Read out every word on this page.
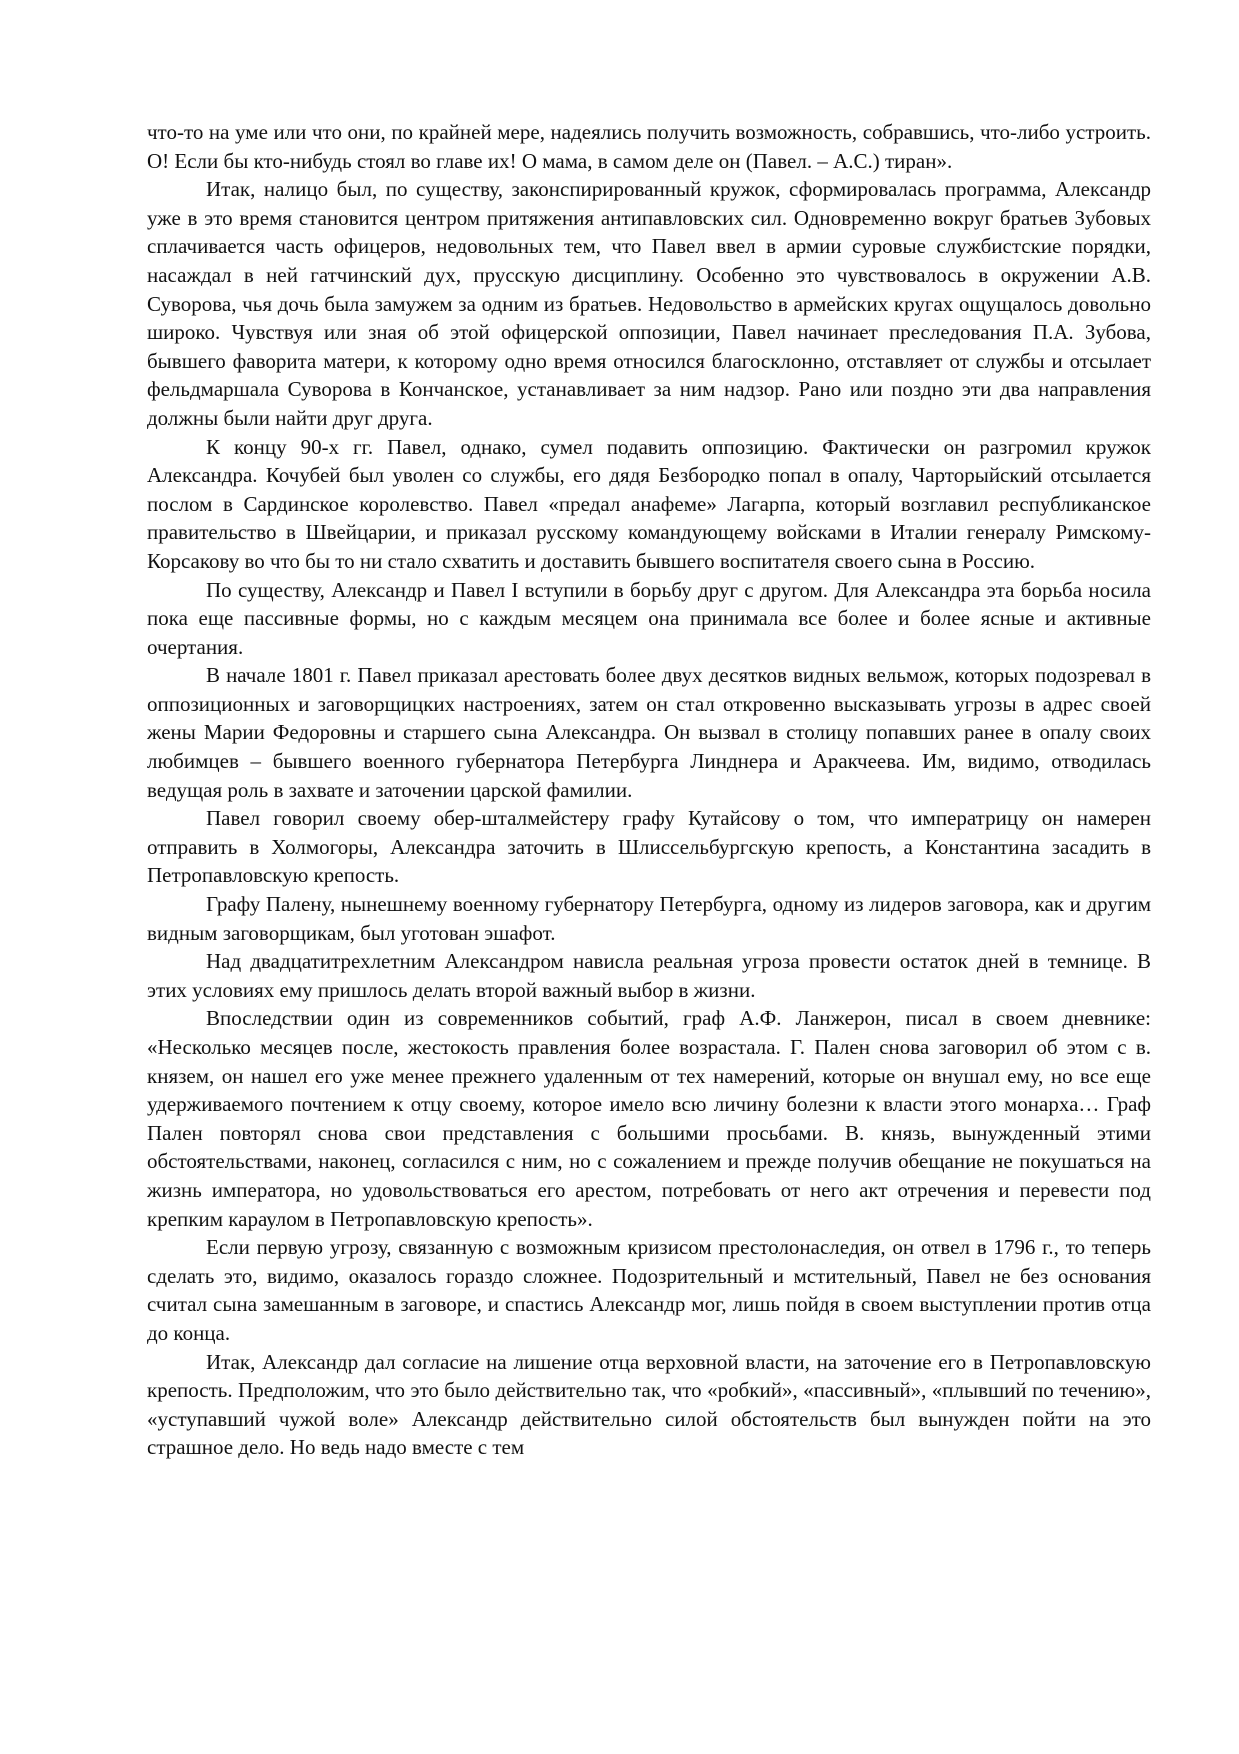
что-то на уме или что они, по крайней мере, надеялись получить возможность, собравшись, что-либо устроить. О! Если бы кто-нибудь стоял во главе их! О мама, в самом деле он (Павел. – А.С.) тиран».

Итак, налицо был, по существу, законспирированный кружок, сформировалась программа, Александр уже в это время становится центром притяжения антипавловских сил. Одновременно вокруг братьев Зубовых сплачивается часть офицеров, недовольных тем, что Павел ввел в армии суровые службистские порядки, насаждал в ней гатчинский дух, прусскую дисциплину. Особенно это чувствовалось в окружении А.В. Суворова, чья дочь была замужем за одним из братьев. Недовольство в армейских кругах ощущалось довольно широко. Чувствуя или зная об этой офицерской оппозиции, Павел начинает преследования П.А. Зубова, бывшего фаворита матери, к которому одно время относился благосклонно, отставляет от службы и отсылает фельдмаршала Суворова в Кончанское, устанавливает за ним надзор. Рано или поздно эти два направления должны были найти друг друга.

К концу 90-х гг. Павел, однако, сумел подавить оппозицию. Фактически он разгромил кружок Александра. Кочубей был уволен со службы, его дядя Безбородко попал в опалу, Чарторыйский отсылается послом в Сардинское королевство. Павел «предал анафеме» Лагарпа, который возглавил республиканское правительство в Швейцарии, и приказал русскому командующему войсками в Италии генералу Римскому-Корсакову во что бы то ни стало схватить и доставить бывшего воспитателя своего сына в Россию.

По существу, Александр и Павел I вступили в борьбу друг с другом. Для Александра эта борьба носила пока еще пассивные формы, но с каждым месяцем она принимала все более и более ясные и активные очертания.

В начале 1801 г. Павел приказал арестовать более двух десятков видных вельмож, которых подозревал в оппозиционных и заговорщицких настроениях, затем он стал откровенно высказывать угрозы в адрес своей жены Марии Федоровны и старшего сына Александра. Он вызвал в столицу попавших ранее в опалу своих любимцев – бывшего военного губернатора Петербурга Линднера и Аракчеева. Им, видимо, отводилась ведущая роль в захвате и заточении царской фамилии.

Павел говорил своему обер-шталмейстеру графу Кутайсову о том, что императрицу он намерен отправить в Холмогоры, Александра заточить в Шлиссельбургскую крепость, а Константина засадить в Петропавловскую крепость.

Графу Палену, нынешнему военному губернатору Петербурга, одному из лидеров заговора, как и другим видным заговорщикам, был уготован эшафот.

Над двадцатитрехлетним Александром нависла реальная угроза провести остаток дней в темнице. В этих условиях ему пришлось делать второй важный выбор в жизни.

Впоследствии один из современников событий, граф А.Ф. Ланжерон, писал в своем дневнике: «Несколько месяцев после, жестокость правления более возрастала. Г. Пален снова заговорил об этом с в. князем, он нашел его уже менее прежнего удаленным от тех намерений, которые он внушал ему, но все еще удерживаемого почтением к отцу своему, которое имело всю личину болезни к власти этого монарха… Граф Пален повторял снова свои представления с большими просьбами. В. князь, вынужденный этими обстоятельствами, наконец, согласился с ним, но с сожалением и прежде получив обещание не покушаться на жизнь императора, но удовольствоваться его арестом, потребовать от него акт отречения и перевести под крепким караулом в Петропавловскую крепость».

Если первую угрозу, связанную с возможным кризисом престолонаследия, он отвел в 1796 г., то теперь сделать это, видимо, оказалось гораздо сложнее. Подозрительный и мстительный, Павел не без основания считал сына замешанным в заговоре, и спастись Александр мог, лишь пойдя в своем выступлении против отца до конца.

Итак, Александр дал согласие на лишение отца верховной власти, на заточение его в Петропавловскую крепость. Предположим, что это было действительно так, что «робкий», «пассивный», «плывший по течению», «уступавший чужой воле» Александр действительно силой обстоятельств был вынужден пойти на это страшное дело. Но ведь надо вместе с тем
